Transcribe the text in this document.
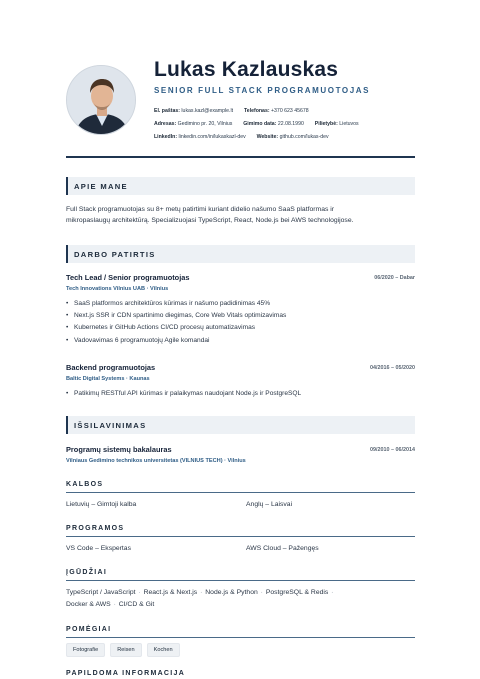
Lukas Kazlauskas
SENIOR FULL STACK PROGRAMUOTOJAS
El. paštas: lukas.kazl@example.lt Telefonas: +370 623 45678
Adresas: Gedimino pr. 20, Vilnius Gimimo data: 22.08.1990 Pilietybė: Lietuvos
LinkedIn: linkedin.com/in/lukaskazl-dev Website: github.com/lukas-dev
APIE MANE
Full Stack programuotojas su 8+ metų patirtimi kuriant didelio našumo SaaS platformas ir
mikropaslaugų architektūrą. Specializuojasi TypeScript, React, Node.js bei AWS technologijose.
DARBO PATIRTIS
Tech Lead / Senior programuotojas	06/2020 – Dabar
Tech Innovations Vilnius UAB · Vilnius
• SaaS platformos architektūros kūrimas ir našumo padidinimas 45%
• Next.js SSR ir CDN spartinimo diegimas, Core Web Vitals optimizavimas
• Kubernetes ir GitHub Actions CI/CD procesų automatizavimas
• Vadovavimas 6 programuotojų Agile komandai
Backend programuotojas	04/2016 – 05/2020
Baltic Digital Systems · Kaunas
• Patikimų RESTful API kūrimas ir palaikymas naudojant Node.js ir PostgreSQL
IŠSILAVINIMAS
Programų sistemų bakalauras	09/2010 – 06/2014
Vilniaus Gedimino technikos universitetas (VILNIUS TECH) · Vilnius
KALBOS
Lietuvių – Gimtoji kalba	Anglų – Laisvai
PROGRAMOS
VS Code – Ekspertas	AWS Cloud – Pažengęs
ĮGŪDŽIAI
TypeScript / JavaScript · React.js & Next.js · Node.js & Python · PostgreSQL & Redis ·
Docker & AWS · CI/CD & Git
POMĖGIAI
Fotografie	Reisen	Kochen
PAPILDOMA INFORMACIJA
